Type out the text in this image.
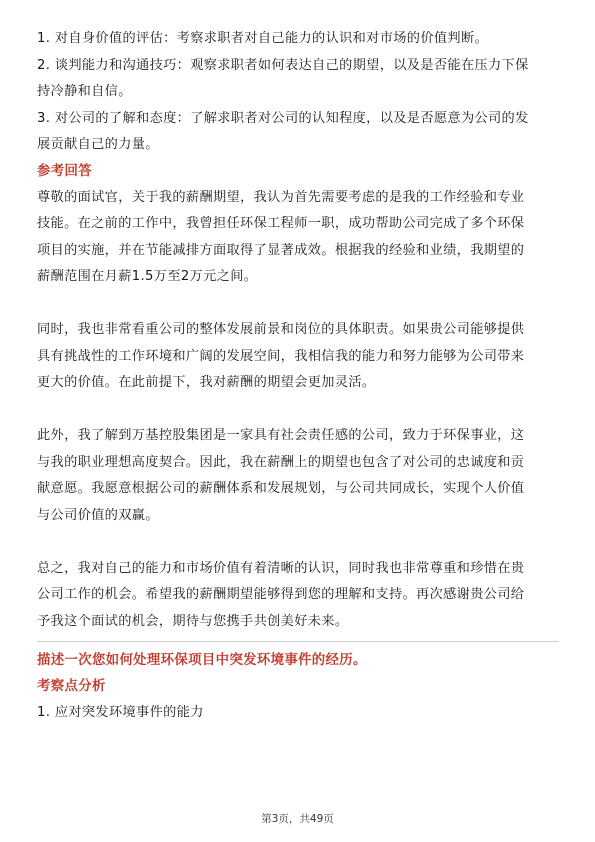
1. 对自身价值的评估：考察求职者对自己能力的认识和对市场的价值判断。
2. 谈判能力和沟通技巧：观察求职者如何表达自己的期望，以及是否能在压力下保
持冷静和自信。
3. 对公司的了解和态度：了解求职者对公司的认知程度，以及是否愿意为公司的发
展贡献自己的力量。
参考回答
尊敬的面试官，关于我的薪酬期望，我认为首先需要考虑的是我的工作经验和专业
技能。在之前的工作中，我曾担任环保工程师一职，成功帮助公司完成了多个环保
项目的实施，并在节能减排方面取得了显著成效。根据我的经验和业绩，我期望的
薪酬范围在月薪1.5万至2万元之间。
同时，我也非常看重公司的整体发展前景和岗位的具体职责。如果贵公司能够提供
具有挑战性的工作环境和广阔的发展空间，我相信我的能力和努力能够为公司带来
更大的价值。在此前提下，我对薪酬的期望会更加灵活。
此外，我了解到万基控股集团是一家具有社会责任感的公司，致力于环保事业，这
与我的职业理想高度契合。因此，我在薪酬上的期望也包含了对公司的忠诚度和贡
献意愿。我愿意根据公司的薪酬体系和发展规划，与公司共同成长，实现个人价值
与公司价值的双赢。
总之，我对自己的能力和市场价值有着清晰的认识，同时我也非常尊重和珍惜在贵
公司工作的机会。希望我的薪酬期望能够得到您的理解和支持。再次感谢贵公司给
予我这个面试的机会，期待与您携手共创美好未来。
描述一次您如何处理环保项目中突发环境事件的经历。
考察点分析
1. 应对突发环境事件的能力
第3页，共49页
